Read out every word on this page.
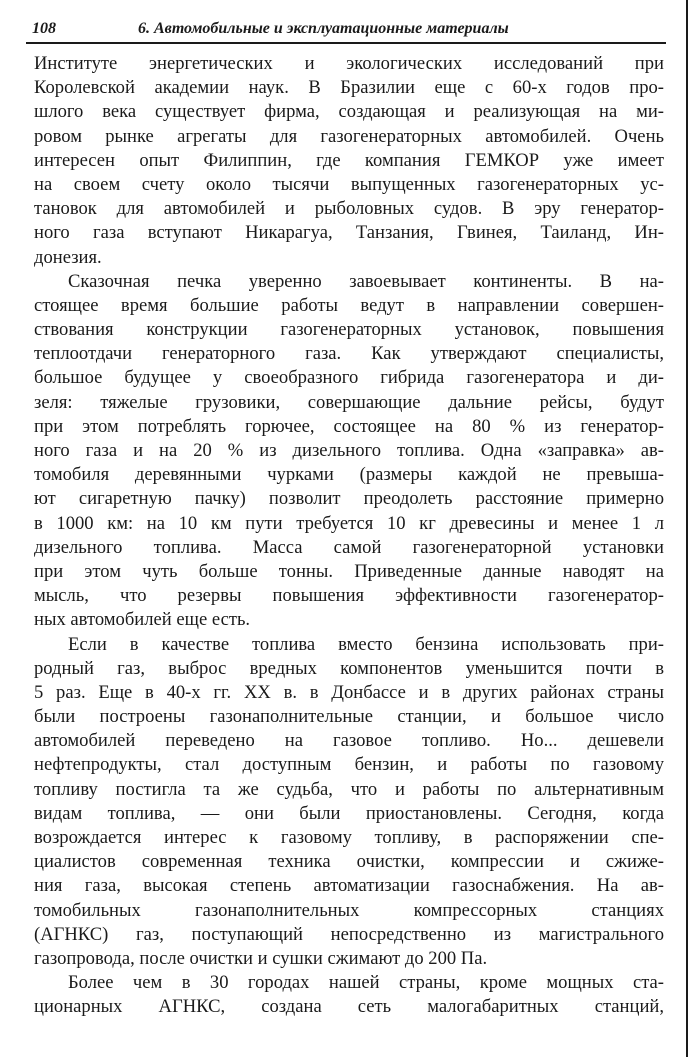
108	6. Автомобильные и эксплуатационные материалы
Институте энергетических и экологических исследований при
Королевской академии наук. В Бразилии еще с 60-х годов про-
шлого века существует фирма, создающая и реализующая на ми-
ровом рынке агрегаты для газогенераторных автомобилей. Очень
интересен опыт Филиппин, где компания ГЕМКОР уже имеет
на своем счету около тысячи выпущенных газогенераторных ус-
тановок для автомобилей и рыболовных судов. В эру генератор-
ного газа вступают Никарагуа, Танзания, Гвинея, Таиланд, Ин-
донезия.
Сказочная печка уверенно завоевывает континенты. В на-
стоящее время большие работы ведут в направлении совершен-
ствования конструкции газогенераторных установок, повышения
теплоотдачи генераторного газа. Как утверждают специалисты,
большое будущее у своеобразного гибрида газогенератора и ди-
зеля: тяжелые грузовики, совершающие дальние рейсы, будут
при этом потреблять горючее, состоящее на 80 % из генератор-
ного газа и на 20 % из дизельного топлива. Одна «заправка» ав-
томобиля деревянными чурками (размеры каждой не превыша-
ют сигаретную пачку) позволит преодолеть расстояние примерно
в 1000 км: на 10 км пути требуется 10 кг древесины и менее 1 л
дизельного топлива. Масса самой газогенераторной установки
при этом чуть больше тонны. Приведенные данные наводят на
мысль, что резервы повышения эффективности газогенератор-
ных автомобилей еще есть.
Если в качестве топлива вместо бензина использовать при-
родный газ, выброс вредных компонентов уменьшится почти в
5 раз. Еще в 40-х гг. XX в. в Донбассе и в других районах страны
были построены газонаполнительные станции, и большое число
автомобилей переведено на газовое топливо. Но... дешевели
нефтепродукты, стал доступным бензин, и работы по газовому
топливу постигла та же судьба, что и работы по альтернативным
видам топлива, — они были приостановлены. Сегодня, когда
возрождается интерес к газовому топливу, в распоряжении спе-
циалистов современная техника очистки, компрессии и сжиже-
ния газа, высокая степень автоматизации газоснабжения. На ав-
томобильных газонаполнительных компрессорных станциях
(АГНКС) газ, поступающий непосредственно из магистрального
газопровода, после очистки и сушки сжимают до 200 Па.
Более чем в 30 городах нашей страны, кроме мощных ста-
ционарных АГНКС, создана сеть малогабаритных станций,
